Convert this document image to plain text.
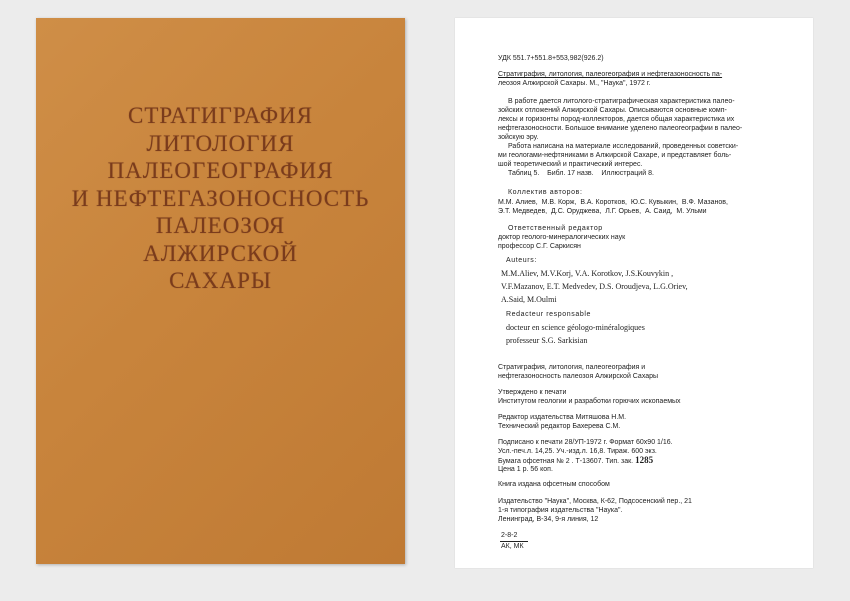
СТРАТИГРАФИЯ
ЛИТОЛОГИЯ
ПАЛЕОГЕОГРАФИЯ
И НЕФТЕГАЗОНОСНОСТЬ
ПАЛЕОЗОЯ
АЛЖИРСКОЙ
САХАРЫ
УДК 551.7+551.8+553,982(926.2)
Стратиграфия, литология, палеогеография и нефтегазоносность па-
леозоя Алжирской Сахары. М., "Наука", 1972 г.
В работе дается литолого-стратиграфическая характеристика палео-
зойских отложений Алжирской Сахары. Описываются основные комп-
лексы и горизонты пород-коллекторов, дается общая характеристика их
нефтегазоносности. Большое внимание уделено палеогеографии в палео-
зойскую эру.
Работа написана на материале исследований, проведенных советски-
ми геологами-нефтяниками в Алжирской Сахаре, и представляет боль-
шой теоретический и практический интерес.
Таблиц 5.    Библ. 17 назв.    Иллюстраций 8.
Коллектив авторов:
М.М. Алиев,  М.В. Корж,  В.А. Коротков,  Ю.С. Кувыкин,  В.Ф. Мазанов,
Э.Т. Медведев,  Д.С. Оруджева,  Л.Г. Орьев,  А. Саид,  М. Ульми
Ответственный редактор
доктор геолого-минералогических наук
профессор С.Г. Саркисян
Auteurs:
M.M.Aliev, M.V.Korj, V.A. Korotkov, J.S.Kouvykin ,
V.F.Mazanov, E.T. Medvedev, D.S. Oroudjeva, L.G.Oriev,
A.Said, M.Oulmi
Redacteur responsable
docteur en science géologo-minéralogiques
professeur S.G. Sarkisian
Стратиграфия, литология, палеогеография и
нефтегазоносность палеозоя Алжирской Сахары
Утверждено к печати
Институтом геологии и разработки горючих ископаемых
Редактор издательства Митяшова Н.М.
Технический редактор Бахерева С.М.
Подписано к печати 28/УП-1972 г. Формат 60х90 1/16.
Усл.-печ.л. 14,25. Уч.-изд.л. 16,8. Тираж. 600 экз.
Бумага офсетная № 2 . Т-13607. Тип. зак. 1285
Цена 1 р. 56 коп.
Книга издана офсетным способом
Издательство "Наука", Москва, К-62, Подсосенский пер., 21
1-я типография издательства "Наука".
Ленинград, В-34, 9-я линия, 12
2-8-2
АК, МК
